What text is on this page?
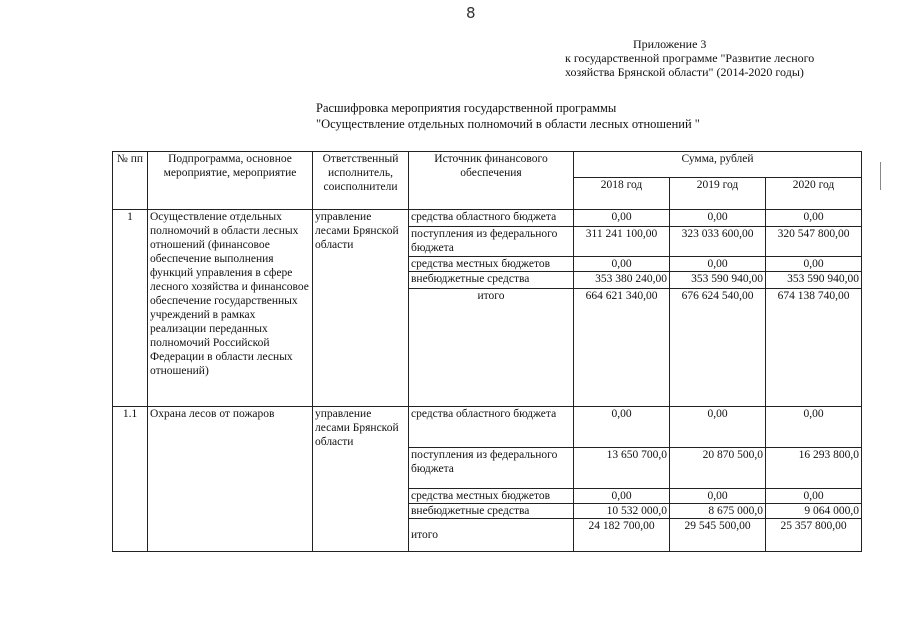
8
Приложение 3
к государственной программе "Развитие лесного
хозяйства Брянской области" (2014-2020 годы)
Расшифровка мероприятия государственной программы
"Осуществление отдельных полномочий в области лесных отношений "
№ пп	Подпрограмма, основное мероприятие, мероприятие	Ответственный исполнитель, соисполнители	Источник финансового обеспечения	Сумма, рублей		
				2018 год	2019 год	2020 год
1	Осуществление отдельных полномочий в области лесных отношений (финансовое обеспечение выполнения функций управления в сфере лесного хозяйства и финансовое обеспечение государственных учреждений в рамках реализации переданных полномочий Российской Федерации в области лесных отношений)	управление лесами Брянской области	средства областного бюджета	0,00	0,00	0,00
			поступления из федерального бюджета	311 241 100,00	323 033 600,00	320 547 800,00
			средства местных бюджетов	0,00	0,00	0,00
			внебюджетные средства	353 380 240,00	353 590 940,00	353 590 940,00
			итого	664 621 340,00	676 624 540,00	674 138 740,00
1.1	Охрана лесов от пожаров	управление лесами Брянской области	средства областного бюджета	0,00	0,00	0,00
			поступления из федерального бюджета	13 650 700,0	20 870 500,0	16 293 800,0
			средства местных бюджетов	0,00	0,00	0,00
			внебюджетные средства	10 532 000,0	8 675 000,0	9 064 000,0
			итого	24 182 700,00	29 545 500,00	25 357 800,00
